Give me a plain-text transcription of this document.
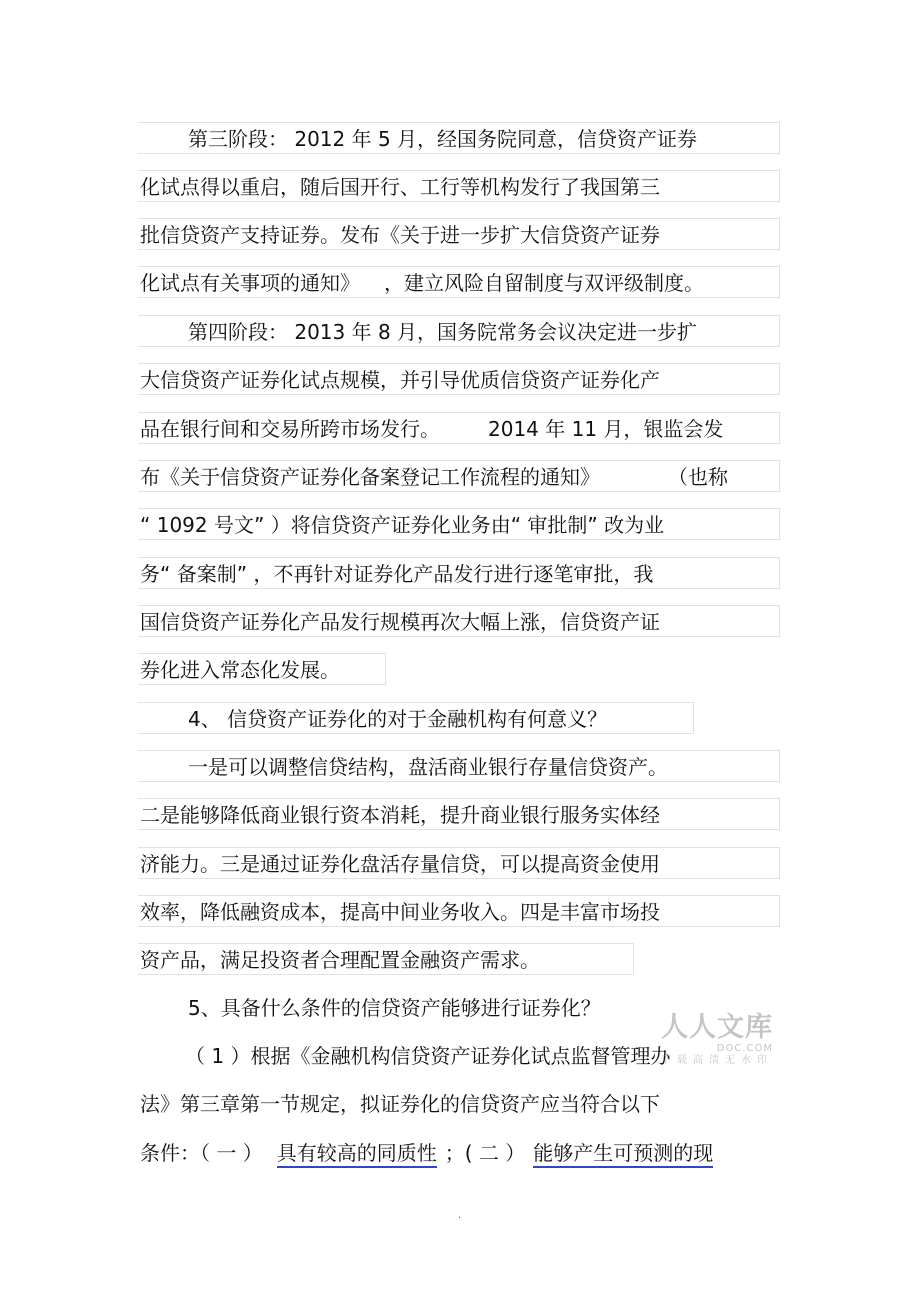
第三阶段： 2012 年 5 月，经国务院同意，信贷资产证券
化试点得以重启，随后国开行、工行等机构发行了我国第三
批信贷资产支持证券。发布《关于进一步扩大信贷资产证券
化试点有关事项的通知》 ，建立风险自留制度与双评级制度。
第四阶段： 2013 年 8 月，国务院常务会议决定进一步扩
大信贷资产证券化试点规模，并引导优质信贷资产证券化产
品在银行间和交易所跨市场发行。 2014 年 11 月，银监会发
布《关于信贷资产证券化备案登记工作流程的通知》	（也称
“ 1092 号文” ）将信贷资产证券化业务由“ 审批制” 改为业
务“ 备案制” ，不再针对证券化产品发行进行逐笔审批，我
国信贷资产证券化产品发行规模再次大幅上涨，信贷资产证
券化进入常态化发展。
4、 信贷资产证券化的对于金融机构有何意义？
一是可以调整信贷结构，盘活商业银行存量信贷资产。
二是能够降低商业银行资本消耗，提升商业银行服务实体经
济能力。三是通过证券化盘活存量信贷，可以提高资金使用
效率，降低融资成本，提高中间业务收入。四是丰富市场投
资产品，满足投资者合理配置金融资产需求。
5、具备什么条件的信贷资产能够进行证券化？
（ 1 ）根据《金融机构信贷资产证券化试点监督管理办
法》第三章第一节规定，拟证券化的信贷资产应当符合以下
条件：（ 一 ） 具有较高的同质性 ；( 二 ） 能够产生可预测的现
人人文库
DOC.COM
下载高清无水印
.
